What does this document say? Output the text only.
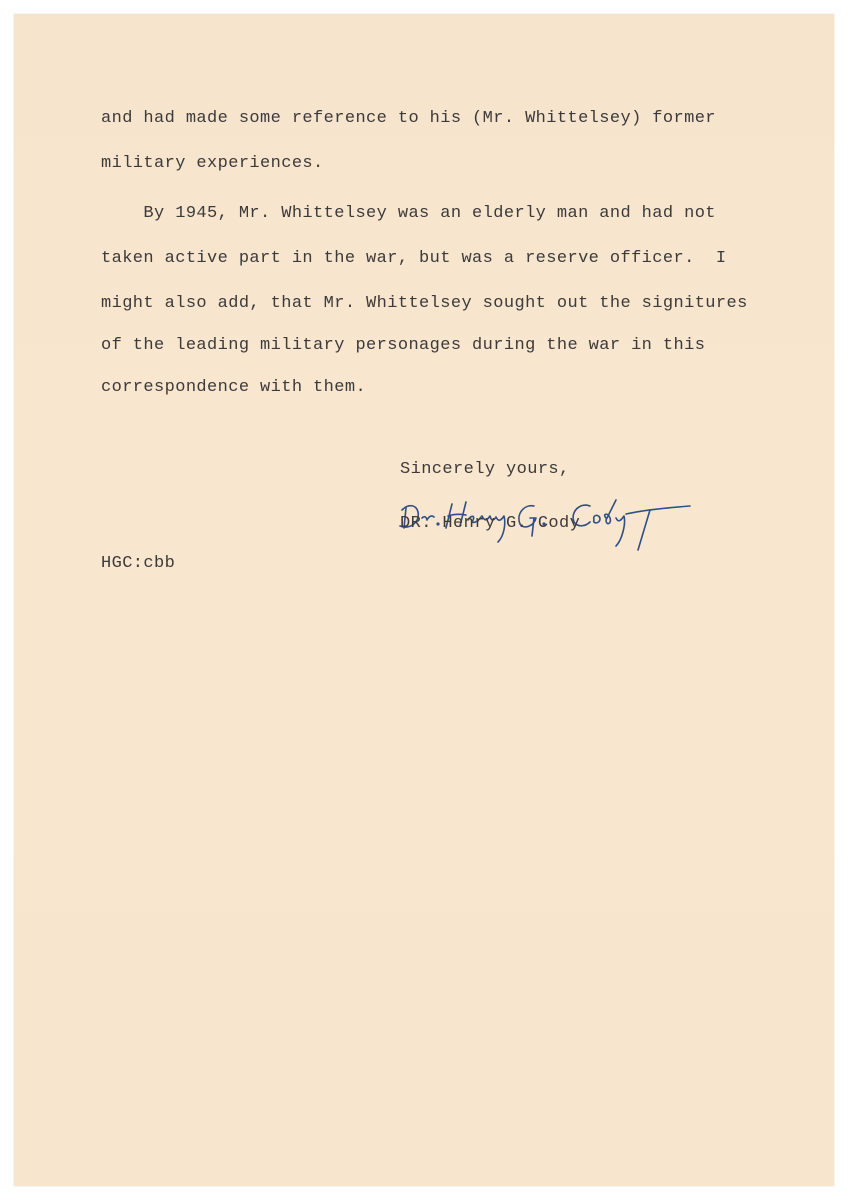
and had made some reference to his (Mr. Whittelsey) former

military experiences.

By 1945, Mr. Whittelsey was an elderly man and had not

taken active part in the war, but was a reserve officer.  I

might also add, that Mr. Whittelsey sought out the signitures

of the leading military personages during the war in this

correspondence with them.

Sincerely yours,

DR. Henry G. Cody

HGC:cbb
